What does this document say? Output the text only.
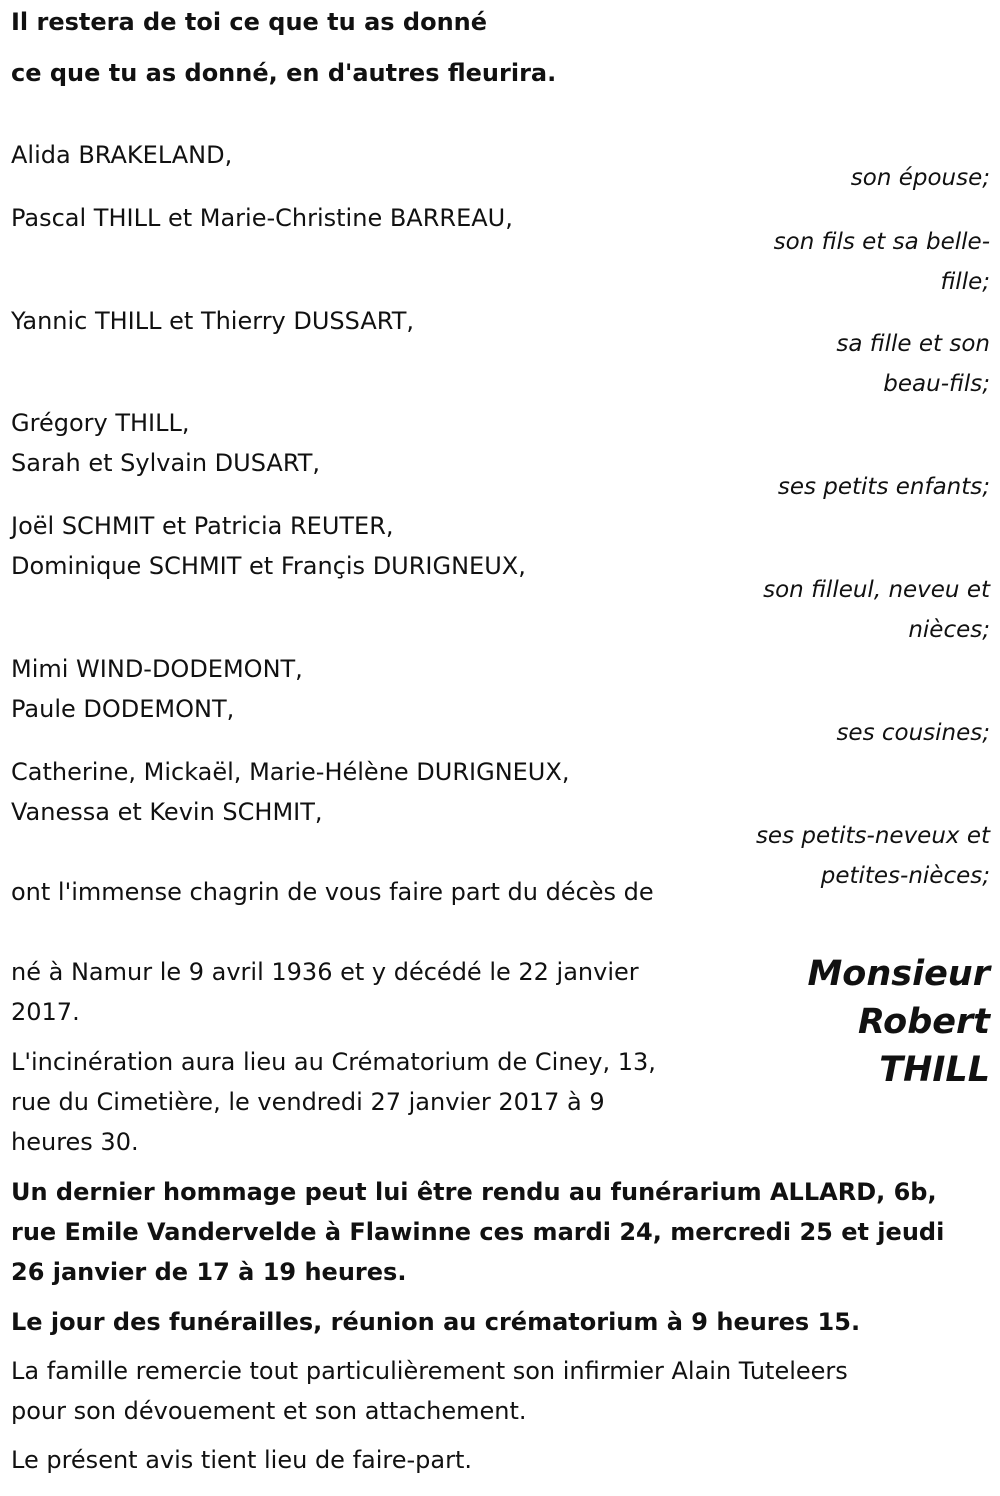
Il restera de toi ce que tu as donné
ce que tu as donné, en d'autres fleurira.
Alida BRAKELAND,
son épouse;
Pascal THILL et Marie-Christine BARREAU,
son fils et sa belle-
fille;
Yannic THILL et Thierry DUSSART,
sa fille et son
beau-fils;
Grégory THILL,
Sarah et Sylvain DUSART,
ses petits enfants;
Joël SCHMIT et Patricia REUTER,
Dominique SCHMIT et Françis DURIGNEUX,
son filleul, neveu et
nièces;
Mimi WIND-DODEMONT,
Paule DODEMONT,
ses cousines;
Catherine, Mickaël, Marie-Hélène DURIGNEUX,
Vanessa et Kevin SCHMIT,
ses petits-neveux et
petites-nièces;
ont l'immense chagrin de vous faire part du décès de
Monsieur
Robert
THILL
né à Namur le 9 avril 1936 et y décédé le 22 janvier
2017.
L'incinération aura lieu au Crématorium de Ciney, 13,
rue du Cimetière, le vendredi 27 janvier 2017 à 9
heures 30.
Un dernier hommage peut lui être rendu au funérarium ALLARD, 6b,
rue Emile Vandervelde à Flawinne ces mardi 24, mercredi 25 et jeudi
26 janvier de 17 à 19 heures.
Le jour des funérailles, réunion au crématorium à 9 heures 15.
La famille remercie tout particulièrement son infirmier Alain Tuteleers
pour son dévouement et son attachement.
Le présent avis tient lieu de faire-part.
